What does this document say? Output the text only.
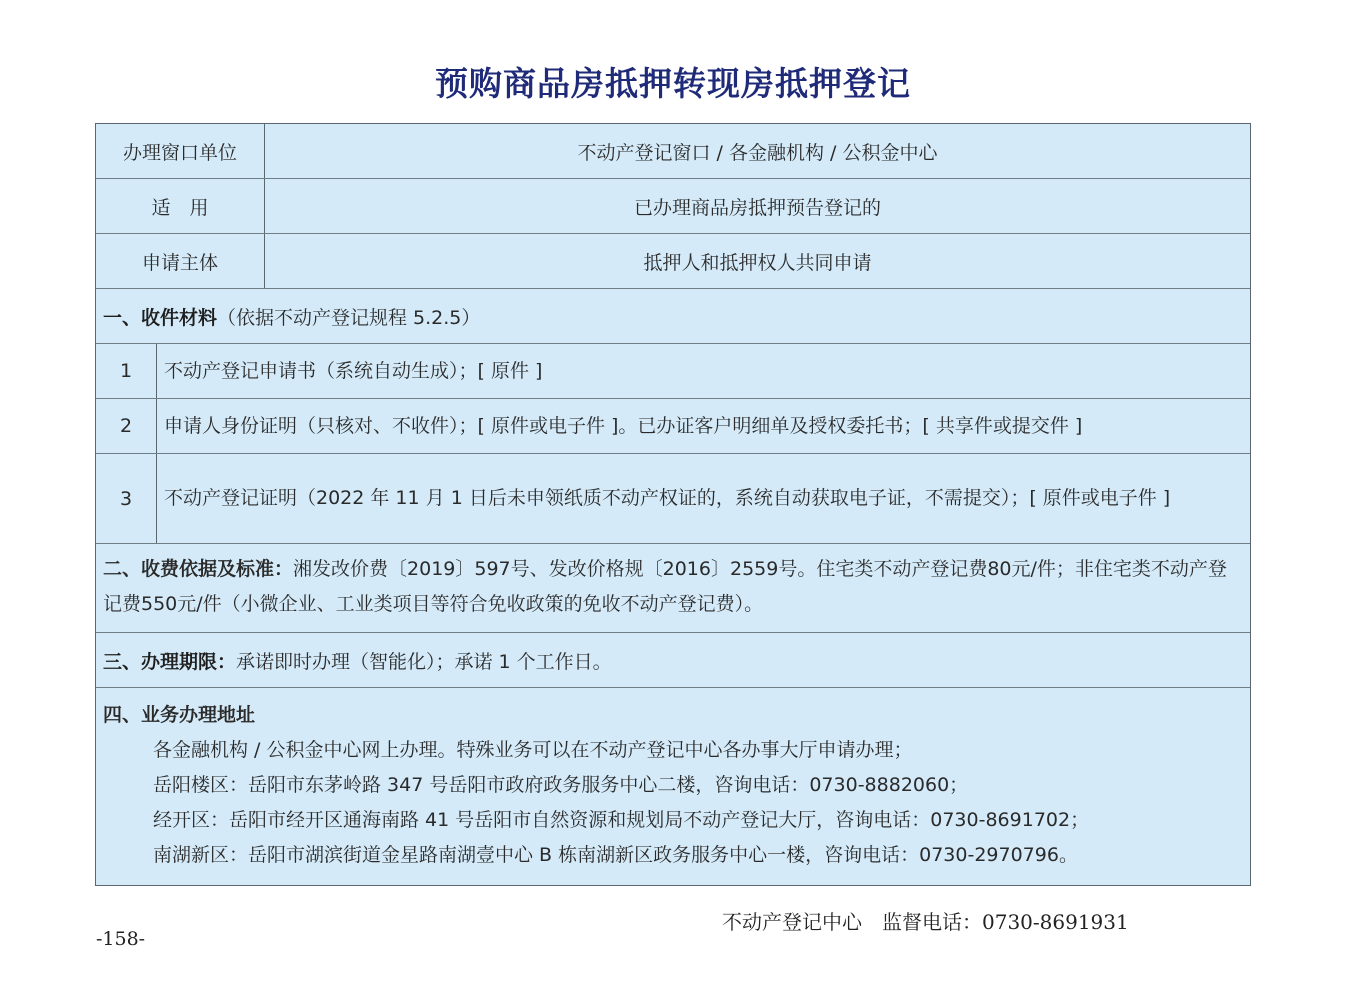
预购商品房抵押转现房抵押登记
办理窗口单位	不动产登记窗口 / 各金融机构 / 公积金中心
适　用	已办理商品房抵押预告登记的
申请主体	抵押人和抵押权人共同申请
一、收件材料 （依据不动产登记规程 5.2.5）
1	不动产登记申请书（系统自动生成）；[ 原件 ]
2	申请人身份证明（只核对、不收件）；[ 原件或电子件 ]。已办证客户明细单及授权委托书；[ 共享件或提交件 ]
3	不动产登记证明（2022 年 11 月 1 日后未申领纸质不动产权证的，系统自动获取电子证，不需提交）；[ 原件或电子件 ]
二、收费依据及标准：湘发改价费〔2019〕597号、发改价格规〔2016〕2559号。住宅类不动产登记费80元/件；非住宅类不动产登记费550元/件（小微企业、工业类项目等符合免收政策的免收不动产登记费）。
三、办理期限： 承诺即时办理（智能化）；承诺 1 个工作日。
四、业务办理地址
各金融机构 / 公积金中心网上办理。特殊业务可以在不动产登记中心各办事大厅申请办理；
岳阳楼区：岳阳市东茅岭路 347 号岳阳市政府政务服务中心二楼，咨询电话：0730-8882060；
经开区：岳阳市经开区通海南路 41 号岳阳市自然资源和规划局不动产登记大厅，咨询电话：0730-8691702；
南湖新区：岳阳市湖滨街道金星路南湖壹中心 B 栋南湖新区政务服务中心一楼，咨询电话：0730-2970796。
不动产登记中心　监督电话：0730-8691931
-158-
